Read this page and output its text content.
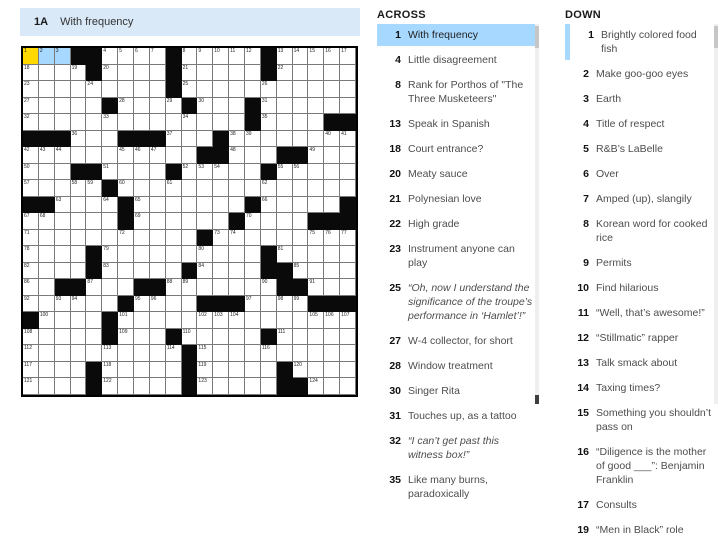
1A With frequency
1	2	3	4	5	6	7	8	9	10 11 12	13 14 15 16 17
18	19	20	21	22
23	24	25	26
27	28	29	30	31
32	33	34	35
36	37	38 39	40 41
42 43 44	45 46 47	48	49
50	51	52 53 54	55 56
57	58 59	60	61	62
63	64	65	66
67 68	69	70
71	72	73 74	75 76 77
78	79	80	81
82	83	84	85
86	87	88 89	90	91
92	93 94	95 96	97	98 99
100	101	102 103 104	105 106 107
108	109	110	111
112	113	114	115	116
117	118	119	120
121	122	123	124
ACROSS
1 With frequency
4 Little disagreement
8 Rank for Porthos of "The Three Musketeers"
13 Speak in Spanish
18 Court entrance?
20 Meaty sauce
21 Polynesian love
22 High grade
23 Instrument anyone can play
25 “Oh, now I understand the significance of the troupe’s performance in ‘Hamlet’!”
27 W-4 collector, for short
28 Window treatment
30 Singer Rita
31 Touches up, as a tattoo
32 “I can’t get past this witness box!”
35 Like many burns, paradoxically
DOWN
1 Brightly colored food fish
2 Make goo-goo eyes
3 Earth
4 Title of respect
5 R&B’s LaBelle
6 Over
7 Amped (up), slangily
8 Korean word for cooked rice
9 Permits
10 Find hilarious
11 “Well, that’s awesome!”
12 “Stillmatic” rapper
13 Talk smack about
14 Taxing times?
15 Something you shouldn’t pass on
16 “Diligence is the mother of good ___”: Benjamin Franklin
17 Consults
19 “Men in Black” role
